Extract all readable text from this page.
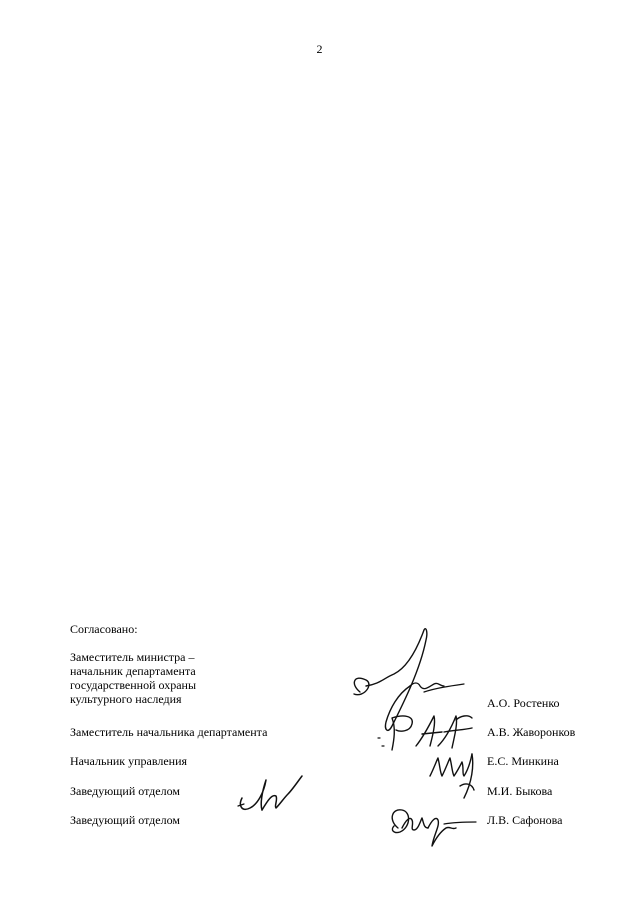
2
Согласовано:
Заместитель министра –
начальник департамента
государственной охраны
культурного наследия	А.О. Ростенко
Заместитель начальника департамента	А.В. Жаворонков
Начальник управления	Е.С. Минкина
Заведующий отделом	М.И. Быкова
Заведующий отделом	Л.В. Сафонова
